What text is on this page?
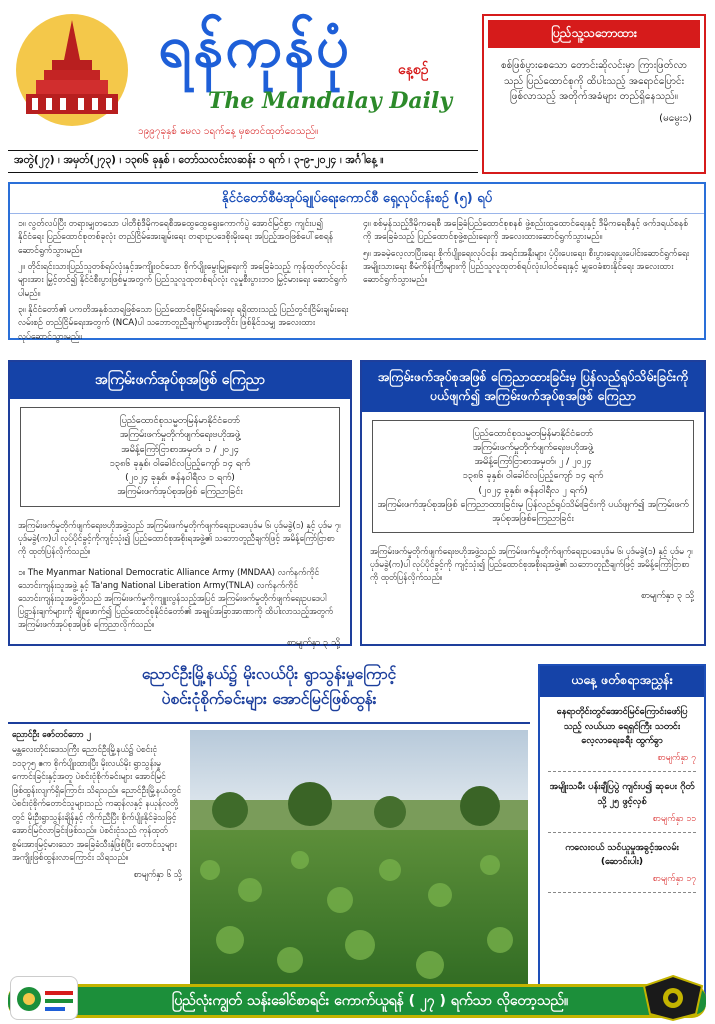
ရန်ကုန်ပုံ	နေ့စဉ်
The Mandalay Daily
၁၉၉၇ခုနှစ် မေလ ၁ရက်နေ့ မှစတင်ထုတ်ဝေသည်။
အတွဲ(၂၇) ၊ အမှတ်(၂၇၃) ၊ ၁၃၈၆ ခုနှစ် ၊ တော်သလင်းလဆန်း ၁ ရက် ၊ ၃-၉-၂၀၂၄ ၊ အင်္ဂါနေ့ ။
ပြည်သူ့သဘောထား
စစ်ဖြစ်ပွားစေသော တောင်းဆိုလင်းမှာ ကြားဖြတ်လာသည် ပြည်ထောင်စုကို ထိပါးသည့် အရောင်ပြောင်းဖြစ်လာသည့် အတိုက်အခံများ တည်ရှိနေသည်။
(မမွေး၁)
နိုင်ငံတော်စီမံအုပ်ချုပ်ရေးကောင်စီ ရှေ့လုပ်ငန်းစဉ် (၅) ရပ်
၁။ လွတ်လပ်ပြီး တရားမျှတသော ပါတီစုံဒီမိုကရေစီအထွေထွေရွေးကောက်ပွဲ အောင်မြင်စွာ ကျင်းပ၍ နိုင်ငံရေး ပြည်ထောင်စုတစ်ခုလုံး တည်ငြိမ်အေးချမ်းရေး တရားဥပဒေစိုးမိုးရေး အပြည့်အဝဖြစ်ပေါ်စေရန် ဆောင်ရွက်သွားမည်။
၂။ တိုင်းရင်းသားပြည်သူတစ်ရပ်လုံးနှင့်အကျိုးဝင်သော စိုက်ပျိုးမွေးမြူရေးကို အခြေခံသည့် ကုန်ထုတ်လုပ်ငန်းများအား မြှင့်တင်၍ နိုင်ငံစီးပွားဖြစ်မှုအတွက် ပြည်သူလူထုတစ်ရပ်လုံး လူမှုစီးပွားဘဝ မြှင့်မားရေး ဆောင်ရွက်ပါမည်။
၃။ နိုင်ငံတော်၏ ပကတိအနှစ်သာရဖြစ်သော ပြည်ထောင်စုငြိမ်းချမ်းရေး ရရှိထားသည့် ပြည်တွင်းငြိမ်းချမ်းရေးလမ်းစဉ် တည်ငြိမ်ရေးအတွက် (NCA)ပါ သဘောတူညီချက်များအတိုင်း ဖြစ်နိုင်သမျှ အလေးထား လုပ်ဆောင်သွားမည်။
၄။ စစ်မှန်သည့်ဒီမိုကရေစီ အခြေခံပြည်ထောင်စုစနစ် ဖွဲ့စည်းထူထောင်ရေးနှင့် ဒီမိုကရေစီနှင့် ဖက်ဒရယ်စနစ်ကို အခြေခံသည့် ပြည်ထောင်စုဖွဲ့စည်းရေးကို အလေးထားဆောင်ရွက်သွားမည်။
၅။ အခမဲ့လေ့လာပြီးရေး စိုက်ပျိုးရေးလုပ်ငန်း အရင်းအနှီးများ ပံ့ပိုးပေးရေး၊ စီးပွားရေးပူးပေါင်းဆောင်ရွက်ရေး အမျိုးသားရေး စီမံကိန်းကြီးများကို ပြည်သူလူထုတစ်ရပ်လုံးပါဝင်ရေးနှင့် မျှဝေခံစားနိုင်ရေး အလေးထားဆောင်ရွက်သွားမည်။
အကြမ်းဖက်အုပ်စုအဖြစ် ကြေညာ
ပြည်ထောင်စုသမ္မတမြန်မာနိုင်ငံတော်
အကြမ်းဖက်မှုတိုက်ဖျက်ရေးဗဟိုအဖွဲ့
အမိန့်ကြော်ငြာစာအမှတ်၊ ၁ / ၂၀၂၄
၁၃၈၆ ခုနှစ်၊ ဝါခေါင်လပြည့်ကျော် ၁၄ ရက်
(၂၀၂၄ ခုနှစ်၊ ဇန်နဝါရီလ ၁ ရက်)
အကြမ်းဖက်အုပ်စုအဖြစ် ကြေညာခြင်း
အကြမ်းဖက်မှုတိုက်ဖျက်ရေးဗဟိုအဖွဲ့သည် အကြမ်းဖက်မှုတိုက်ဖျက်ရေးဥပဒေပုဒ်မ ၆၊ ပုဒ်မခွဲ(၁) နှင့် ပုဒ်မ ၇၊ ပုဒ်မခွဲ(က)ပါ လုပ်ပိုင်ခွင့်ကိုကျင့်သုံး၍ ပြည်ထောင်စုအစိုးရအဖွဲ့၏ သဘောတူညီချက်ဖြင့် အမိန့်ကြော်ငြာစာကို ထုတ်ပြန်လိုက်သည်။
၁။ The Myanmar National Democratic Alliance Army (MNDAA) လက်နက်ကိုင်သောင်းကျန်းသူအဖွဲ့ နှင့် Ta'ang National Liberation Army(TNLA) လက်နက်ကိုင်သောင်းကျန်းသူအဖွဲ့တို့သည် အကြမ်းဖက်မှုကိုကျူးလွန်သည့်အပြင် အကြမ်းဖက်မှုတိုက်ဖျက်ရေးဥပဒေပါ ပြဋ္ဌာန်းချက်များကို ချိုးဖောက်၍ ပြည်ထောင်စုနိုင်ငံတော်၏ အချုပ်အခြာအာဏာကို ထိပါးလာသည့်အတွက် အကြမ်းဖက်အုပ်စုအဖြစ် ကြေညာလိုက်သည်။
စာမျက်နှာ ၃ သို့
အကြမ်းဖက်အုပ်စုအဖြစ် ကြေညာထားခြင်းမှ ပြန်လည်ရုပ်သိမ်းခြင်းကို ပယ်ဖျက်၍ အကြမ်းဖက်အုပ်စုအဖြစ် ကြေညာ
ပြည်ထောင်စုသမ္မတမြန်မာနိုင်ငံတော်
အကြမ်းဖက်မှုတိုက်ဖျက်ရေးဗဟိုအဖွဲ့
အမိန့်ကြော်ငြာစာအမှတ်၊ ၂ / ၂၀၂၄
၁၃၈၆ ခုနှစ်၊ ဝါခေါင်လပြည့်ကျော် ၁၄ ရက်
(၂၀၂၄ ခုနှစ်၊ ဇန်နဝါရီလ ၂ ရက်)
အကြမ်းဖက်အုပ်စုအဖြစ် ကြေညာထားခြင်းမှ ပြန်လည်ရုပ်သိမ်းခြင်းကို ပယ်ဖျက်၍ အကြမ်းဖက်အုပ်စုအဖြစ်ကြေညာခြင်း
အကြမ်းဖက်မှုတိုက်ဖျက်ရေးဗဟိုအဖွဲ့သည် အကြမ်းဖက်မှုတိုက်ဖျက်ရေးဥပဒေပုဒ်မ ၆၊ ပုဒ်မခွဲ(၁) နှင့် ပုဒ်မ ၇၊ ပုဒ်မခွဲ(က)ပါ လုပ်ပိုင်ခွင့်ကို ကျင့်သုံး၍ ပြည်ထောင်စုအစိုးရအဖွဲ့၏ သဘောတူညီချက်ဖြင့် အမိန့်ကြော်ငြာစာကို ထုတ်ပြန်လိုက်သည်။
စာမျက်နှာ ၃ သို့
ညောင်ဦးမြို့နယ်၌ မိုးလယ်ပိုး ရွာသွန်းမှုကြောင့်
ပဲစင်းငုံစိုက်ခင်းများ အောင်မြင်ဖြစ်ထွန်း
ညောင်ဦး ဇော်တင်ဘော ၂
မန္တလေးတိုင်းဒေသကြီး ညောင်ဦးမြို့နယ်၌ ပဲစင်းငုံ ၁၁၃၇၅ ဧက စိုက်ပျိုးထားပြီး မိုးလယ်မိုး ရွာသွန်းမှုကောင်းခြင်းနှင့်အတူ ပဲစင်းငုံစိုက်ခင်းများ အောင်မြင်ဖြစ်ထွန်းလျက်ရှိကြောင်း သိရသည်။ ညောင်ဦးမြို့နယ်တွင် ပဲစင်းငုံစိုက်တောင်သူများသည် ကဆုန်လနှင့် နယုန်လတို့တွင် မိုးဦးရွာသွန်းချိန်နှင့် ကိုက်ညီပြီး စိုက်ပျိုးနိုင်ခဲ့သဖြင့် အောင်မြင်လာခြင်းဖြစ်သည်။ ပဲစင်းငုံသည် ကုန်ထုတ်စွမ်းအားမြင့်မားသော အခြေခံသီးနှံဖြစ်ပြီး တောင်သူများ အကျိုးဖြစ်ထွန်းလာကြောင်း သိရသည်။
စာမျက်နှာ ၆ သို့
ယနေ့ ဖတ်စရာအညွှန်း
နေရာတိုင်းတွင်အောင်မြင်ကြောင်းဖော်ပြသည့် လယ်ယာ ရေရှင်ကြီး သတင်းလေ့လာရေးခရီး ထွက်ခွာ
စာမျက်နှာ ၇
အမျိုးသမီး ပန်းချီပြပွဲ ကျင်းပ၍ ဆုပေး ဂိုတ်သို့ ၂၅ ဖွင့်လှစ်
စာမျက်နှာ ၁၁
ကလေးငယ် သင်ယူမှုအခွင့်အလမ်း (ဆောင်းပါး)
စာမျက်နှာ ၁၇
ပြည်လုံးကျွတ် သန်းခေါင်စာရင်း ကောက်ယူရန် ( ၂၇ ) ရက်သာ လိုတော့သည်။
